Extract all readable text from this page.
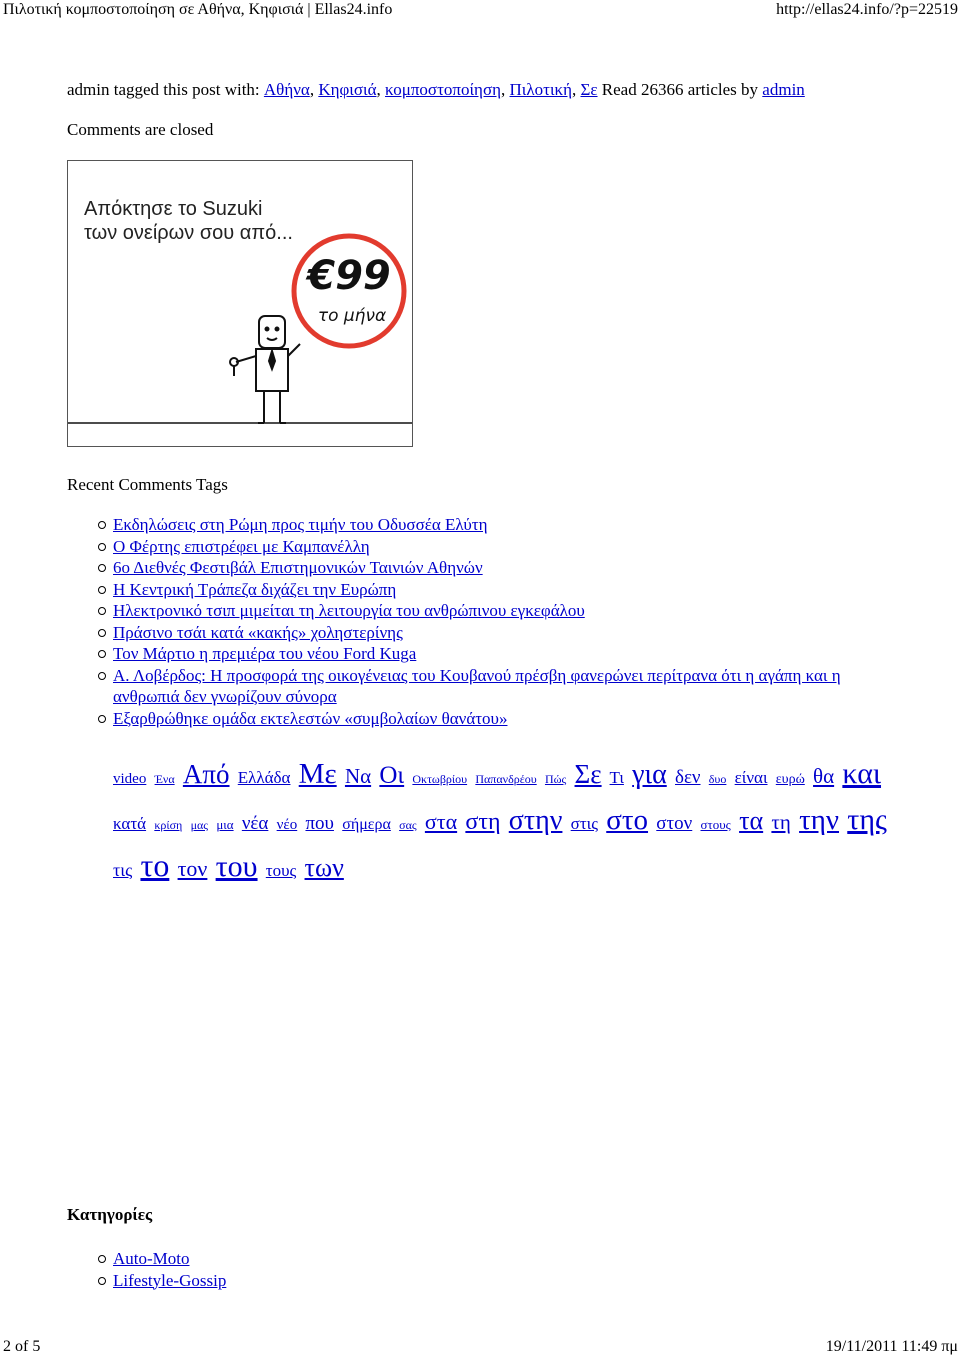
Πιλοτική κομποστοποίηση σε Αθήνα, Κηφισιά | Ellas24.info	http://ellas24.info/?p=22519
admin tagged this post with: Αθήνα, Κηφισιά, κομποστοποίηση, Πιλοτική, Σε Read 26366 articles by admin
Comments are closed
Απόκτησε το Suzuki
των ονείρων σου από...
€99
το μήνα
Recent Comments Tags
Εκδηλώσεις στη Ρώμη προς τιμήν του Οδυσσέα Ελύτη
Ο Φέρτης επιστρέφει με Καμπανέλλη
6ο Διεθνές Φεστιβάλ Επιστημονικών Ταινιών Αθηνών
Η Κεντρική Τράπεζα διχάζει την Ευρώπη
Ηλεκτρονικό τσιπ μιμείται τη λειτουργία του ανθρώπινου εγκεφάλου
Πράσινο τσάι κατά «κακής» χοληστερίνης
Τον Μάρτιο η πρεμιέρα του νέου Ford Kuga
Α. Λοβέρδος: Η προσφορά της οικογένειας του Κουβανού πρέσβη φανερώνει περίτρανα ότι η αγάπη και η ανθρωπιά δεν γνωρίζουν σύνορα
Εξαρθρώθηκε ομάδα εκτελεστών «συμβολαίων θανάτου»
video Ένα Από Ελλάδα Με Να Οι Οκτωβρίου Παπανδρέου Πώς Σε Τι για δεν δυο είναι ευρώ θα και κατά κρίση μας μια νέα νέο που σήμερα σας στα στη στην στις στο στον στους τα τη την της τις το τον του τους των
Κατηγορίες
Auto-Moto
Lifestyle-Gossip
2 of 5	19/11/2011 11:49 πμ
